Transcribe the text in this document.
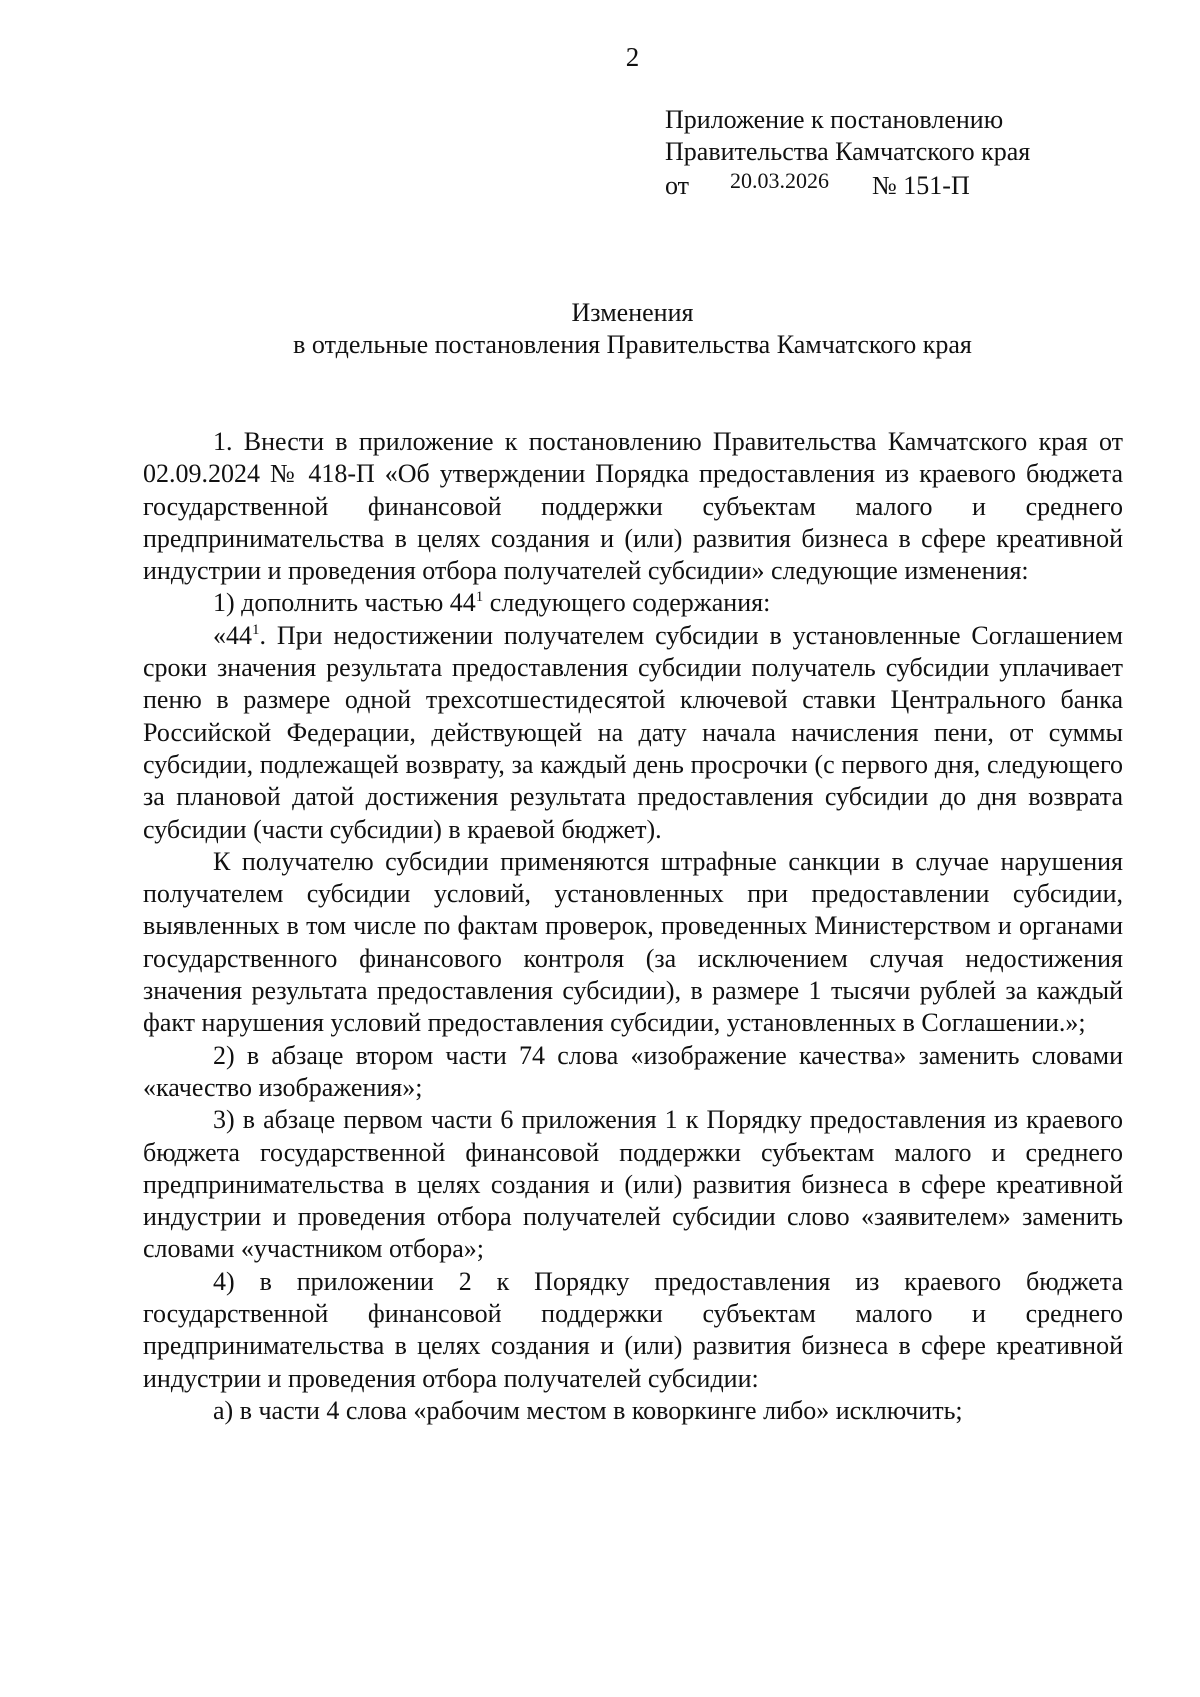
2
Приложение к постановлению
Правительства Камчатского края
от 20.03.2026 № 151-П
Изменения
в отдельные постановления Правительства Камчатского края

1. Внести в приложение к постановлению Правительства Камчатского края от 02.09.2024 № 418-П «Об утверждении Порядка предоставления из краевого бюджета государственной финансовой поддержки субъектам малого и среднего предпринимательства в целях создания и (или) развития бизнеса в сфере креативной индустрии и проведения отбора получателей субсидии» следующие изменения:

1) дополнить частью $44^1$ следующего содержания:

«$44^1$. При недостижении получателем субсидии в установленные Соглашением сроки значения результата предоставления субсидии получатель субсидии уплачивает пеню в размере одной трехсотшестидесятой ключевой ставки Центрального банка Российской Федерации, действующей на дату начала начисления пени, от суммы субсидии, подлежащей возврату, за каждый день просрочки (с первого дня, следующего за плановой датой достижения результата предоставления субсидии до дня возврата субсидии (части субсидии) в краевой бюджет).

К получателю субсидии применяются штрафные санкции в случае нарушения получателем субсидии условий, установленных при предоставлении субсидии, выявленных в том числе по фактам проверок, проведенных Министерством и органами государственного финансового контроля (за исключением случая недостижения значения результата предоставления субсидии), в размере 1 тысячи рублей за каждый факт нарушения условий предоставления субсидии, установленных в Соглашении.»;

2) в абзаце втором части 74 слова «изображение качества» заменить словами «качество изображения»;

3) в абзаце первом части 6 приложения 1 к Порядку предоставления из краевого бюджета государственной финансовой поддержки субъектам малого и среднего предпринимательства в целях создания и (или) развития бизнеса в сфере креативной индустрии и проведения отбора получателей субсидии слово «заявителем» заменить словами «участником отбора»;

4) в приложении 2 к Порядку предоставления из краевого бюджета государственной финансовой поддержки субъектам малого и среднего предпринимательства в целях создания и (или) развития бизнеса в сфере креативной индустрии и проведения отбора получателей субсидии:

а) в части 4 слова «рабочим местом в коворкинге либо» исключить;
